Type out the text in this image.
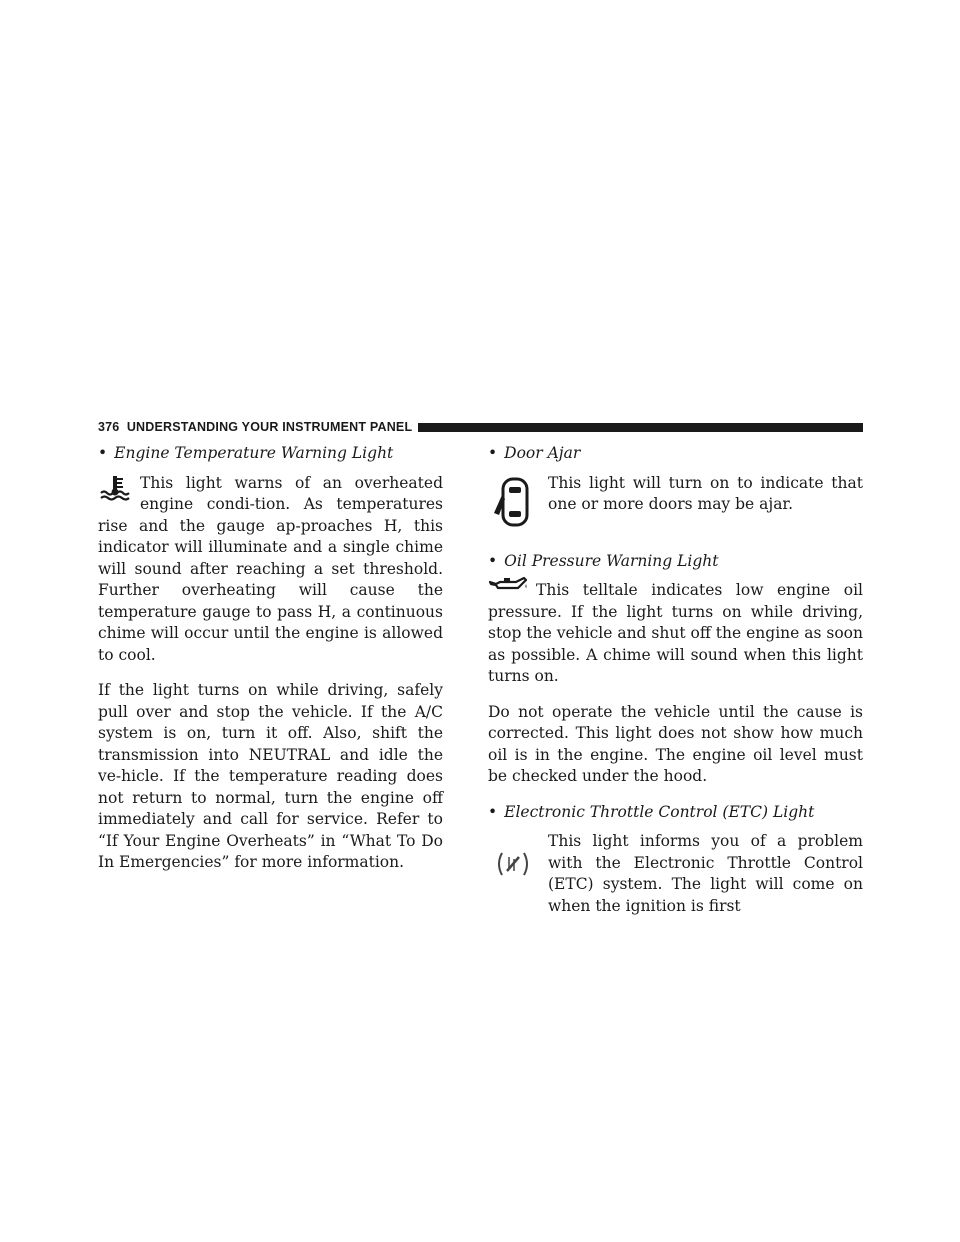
376 UNDERSTANDING YOUR INSTRUMENT PANEL
• Engine Temperature Warning Light

This light warns of an overheated engine condi-tion. As temperatures rise and the gauge ap-proaches H, this indicator will illuminate and a single chime will sound after reaching a set threshold. Further overheating will cause the temperature gauge to pass H, a continuous chime will occur until the engine is allowed to cool.

If the light turns on while driving, safely pull over and stop the vehicle. If the A/C system is on, turn it off. Also, shift the transmission into NEUTRAL and idle the ve-hicle. If the temperature reading does not return to normal, turn the engine off immediately and call for service. Refer to “If Your Engine Overheats” in “What To Do In Emergencies” for more information.

• Door Ajar
This light will turn on to indicate that one or more doors may be ajar.
• Oil Pressure Warning Light

This telltale indicates low engine oil pressure. If the light turns on while driving, stop the vehicle and shut off the engine as soon as possible. A chime will sound when this light turns on.

Do not operate the vehicle until the cause is corrected. This light does not show how much oil is in the engine. The engine oil level must be checked under the hood.

• Electronic Throttle Control (ETC) Light
This light informs you of a problem with the Electronic Throttle Control (ETC) system. The light will come on when the ignition is first
